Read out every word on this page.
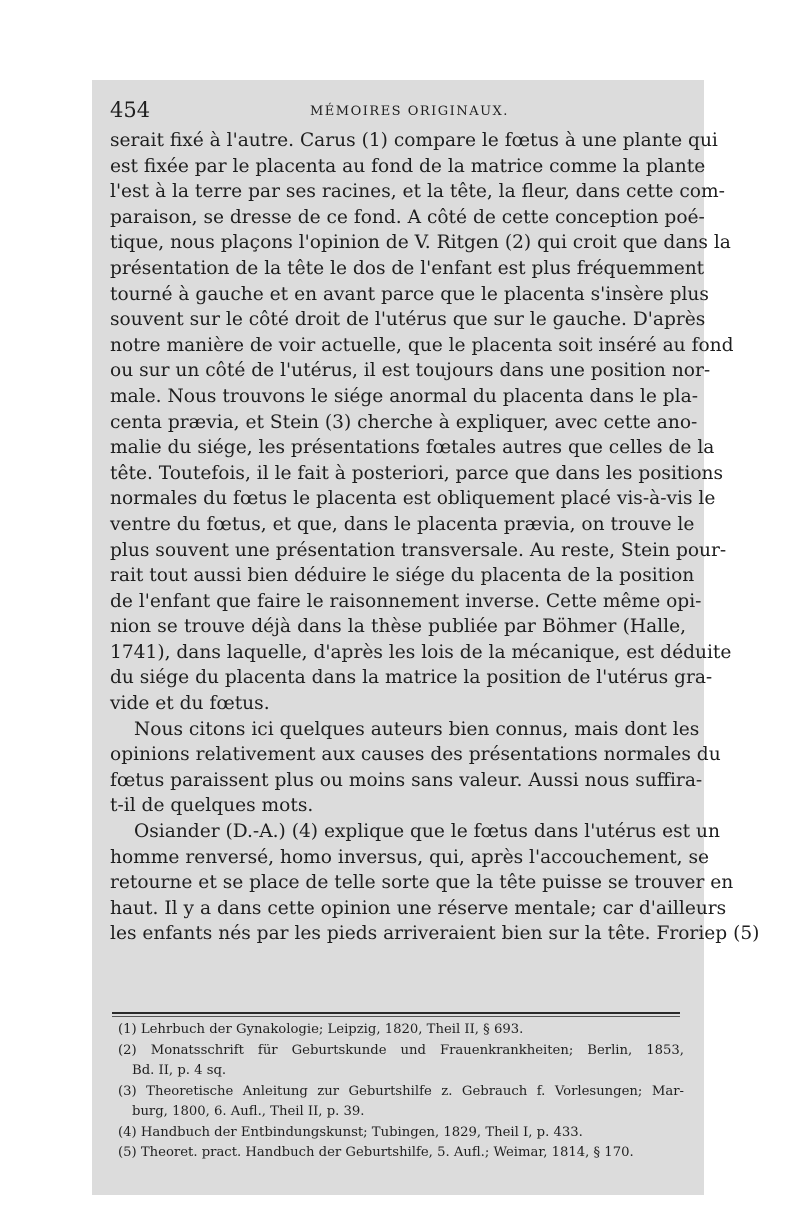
454	MÉMOIRES ORIGINAUX.
serait fixé à l'autre. Carus (1) compare le fœtus à une plante qui
est fixée par le placenta au fond de la matrice comme la plante
l'est à la terre par ses racines, et la tête, la fleur, dans cette com-
paraison, se dresse de ce fond. A côté de cette conception poé-
tique, nous plaçons l'opinion de V. Ritgen (2) qui croit que dans la
présentation de la tête le dos de l'enfant est plus fréquemment
tourné à gauche et en avant parce que le placenta s'insère plus
souvent sur le côté droit de l'utérus que sur le gauche. D'après
notre manière de voir actuelle, que le placenta soit inséré au fond
ou sur un côté de l'utérus, il est toujours dans une position nor-
male. Nous trouvons le siége anormal du placenta dans le pla-
centa prævia, et Stein (3) cherche à expliquer, avec cette ano-
malie du siége, les présentations fœtales autres que celles de la
tête. Toutefois, il le fait à posteriori, parce que dans les positions
normales du fœtus le placenta est obliquement placé vis-à-vis le
ventre du fœtus, et que, dans le placenta prævia, on trouve le
plus souvent une présentation transversale. Au reste, Stein pour-
rait tout aussi bien déduire le siége du placenta de la position
de l'enfant que faire le raisonnement inverse. Cette même opi-
nion se trouve déjà dans la thèse publiée par Böhmer (Halle,
1741), dans laquelle, d'après les lois de la mécanique, est déduite
du siége du placenta dans la matrice la position de l'utérus gra-
vide et du fœtus.
Nous citons ici quelques auteurs bien connus, mais dont les
opinions relativement aux causes des présentations normales du
fœtus paraissent plus ou moins sans valeur. Aussi nous suffira-
t-il de quelques mots.
Osiander (D.-A.) (4) explique que le fœtus dans l'utérus est un
homme renversé, homo inversus, qui, après l'accouchement, se
retourne et se place de telle sorte que la tête puisse se trouver en
haut. Il y a dans cette opinion une réserve mentale; car d'ailleurs
les enfants nés par les pieds arriveraient bien sur la tête. Froriep (5)
(1) Lehrbuch der Gynakologie; Leipzig, 1820, Theil II, § 693.
(2) Monatsschrift für Geburtskunde und Frauenkrankheiten; Berlin, 1853,
Bd. II, p. 4 sq.
(3) Theoretische Anleitung zur Geburtshilfe z. Gebrauch f. Vorlesungen; Mar-
burg, 1800, 6. Aufl., Theil II, p. 39.
(4) Handbuch der Entbindungskunst; Tubingen, 1829, Theil I, p. 433.
(5) Theoret. pract. Handbuch der Geburtshilfe, 5. Aufl.; Weimar, 1814, § 170.
